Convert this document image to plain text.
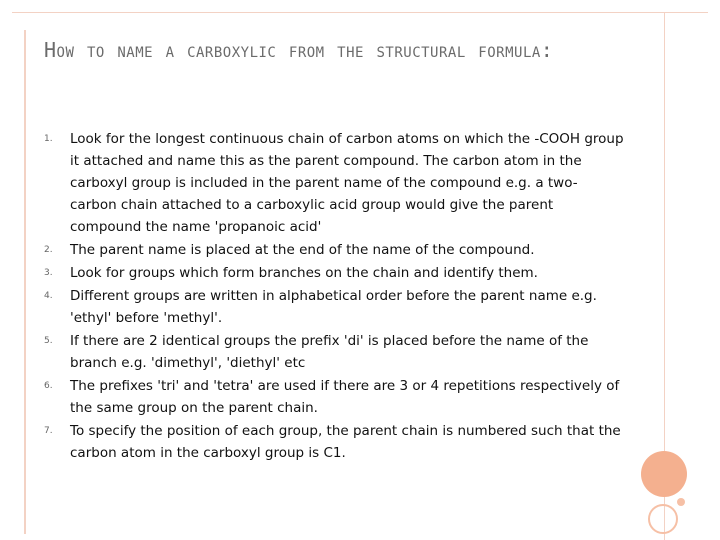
How to name a carboxylic from the structural formula:
1. Look for the longest continuous chain of carbon atoms on which the -COOH group it attached and name this as the parent compound. The carbon atom in the carboxyl group is included in the parent name of the compound e.g. a two-carbon chain attached to a carboxylic acid group would give the parent compound the name 'propanoic acid'
2. The parent name is placed at the end of the name of the compound.
3. Look for groups which form branches on the chain and identify them.
4. Different groups are written in alphabetical order before the parent name e.g. 'ethyl' before 'methyl'.
5. If there are 2 identical groups the prefix 'di' is placed before the name of the branch e.g. 'dimethyl', 'diethyl' etc
6. The prefixes 'tri' and 'tetra' are used if there are 3 or 4 repetitions respectively of the same group on the parent chain.
7. To specify the position of each group, the parent chain is numbered such that the carbon atom in the carboxyl group is C1.
